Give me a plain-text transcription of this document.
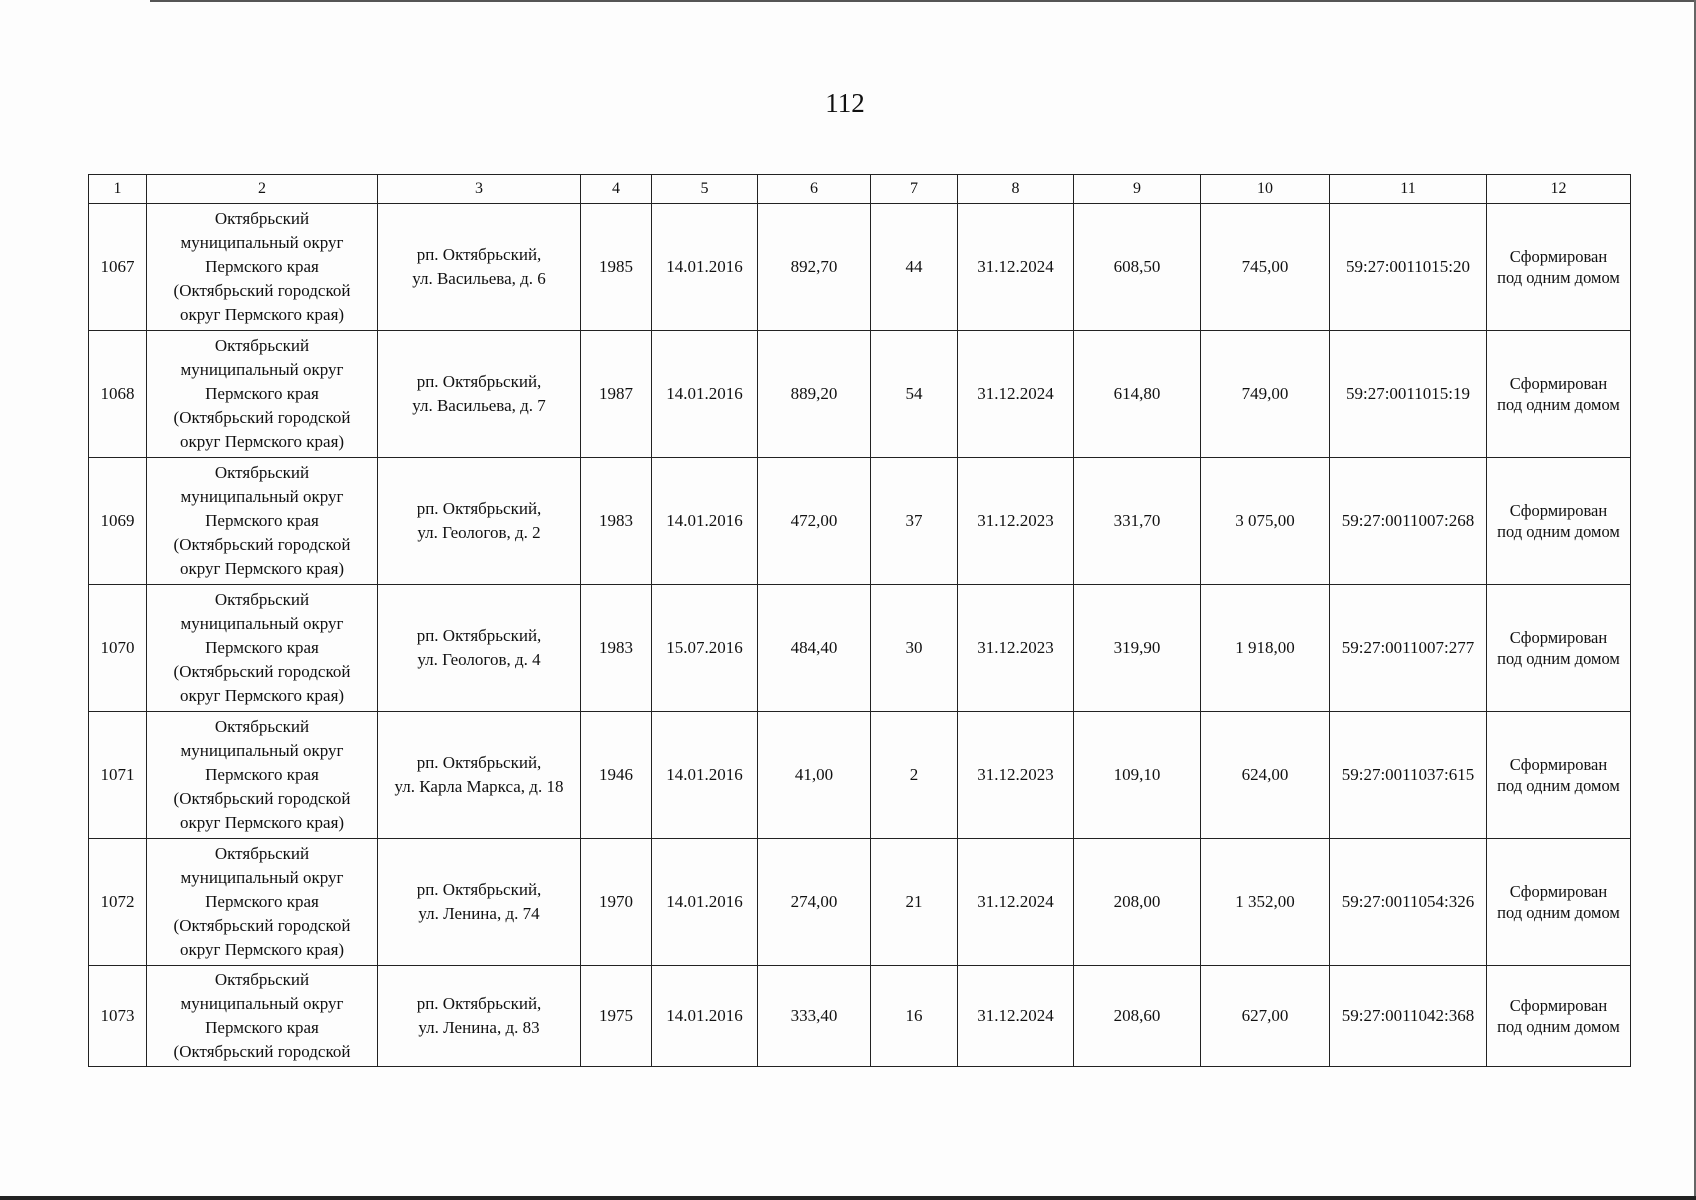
112
1	2	3	4	5	6	7	8	9	10	11	12
1067	Октябрьский
муниципальный округ
Пермского края
(Октябрьский городской
округ Пермского края)	рп. Октябрьский,
ул. Васильева, д. 6	1985	14.01.2016	892,70	44	31.12.2024	608,50	745,00	59:27:0011015:20	Сформирован
под одним домом
1068	Октябрьский
муниципальный округ
Пермского края
(Октябрьский городской
округ Пермского края)	рп. Октябрьский,
ул. Васильева, д. 7	1987	14.01.2016	889,20	54	31.12.2024	614,80	749,00	59:27:0011015:19	Сформирован
под одним домом
1069	Октябрьский
муниципальный округ
Пермского края
(Октябрьский городской
округ Пермского края)	рп. Октябрьский,
ул. Геологов, д. 2	1983	14.01.2016	472,00	37	31.12.2023	331,70	3 075,00	59:27:0011007:268	Сформирован
под одним домом
1070	Октябрьский
муниципальный округ
Пермского края
(Октябрьский городской
округ Пермского края)	рп. Октябрьский,
ул. Геологов, д. 4	1983	15.07.2016	484,40	30	31.12.2023	319,90	1 918,00	59:27:0011007:277	Сформирован
под одним домом
1071	Октябрьский
муниципальный округ
Пермского края
(Октябрьский городской
округ Пермского края)	рп. Октябрьский,
ул. Карла Маркса, д. 18	1946	14.01.2016	41,00	2	31.12.2023	109,10	624,00	59:27:0011037:615	Сформирован
под одним домом
1072	Октябрьский
муниципальный округ
Пермского края
(Октябрьский городской
округ Пермского края)	рп. Октябрьский,
ул. Ленина, д. 74	1970	14.01.2016	274,00	21	31.12.2024	208,00	1 352,00	59:27:0011054:326	Сформирован
под одним домом
1073	Октябрьский
муниципальный округ
Пермского края
(Октябрьский городской	рп. Октябрьский,
ул. Ленина, д. 83	1975	14.01.2016	333,40	16	31.12.2024	208,60	627,00	59:27:0011042:368	Сформирован
под одним домом
